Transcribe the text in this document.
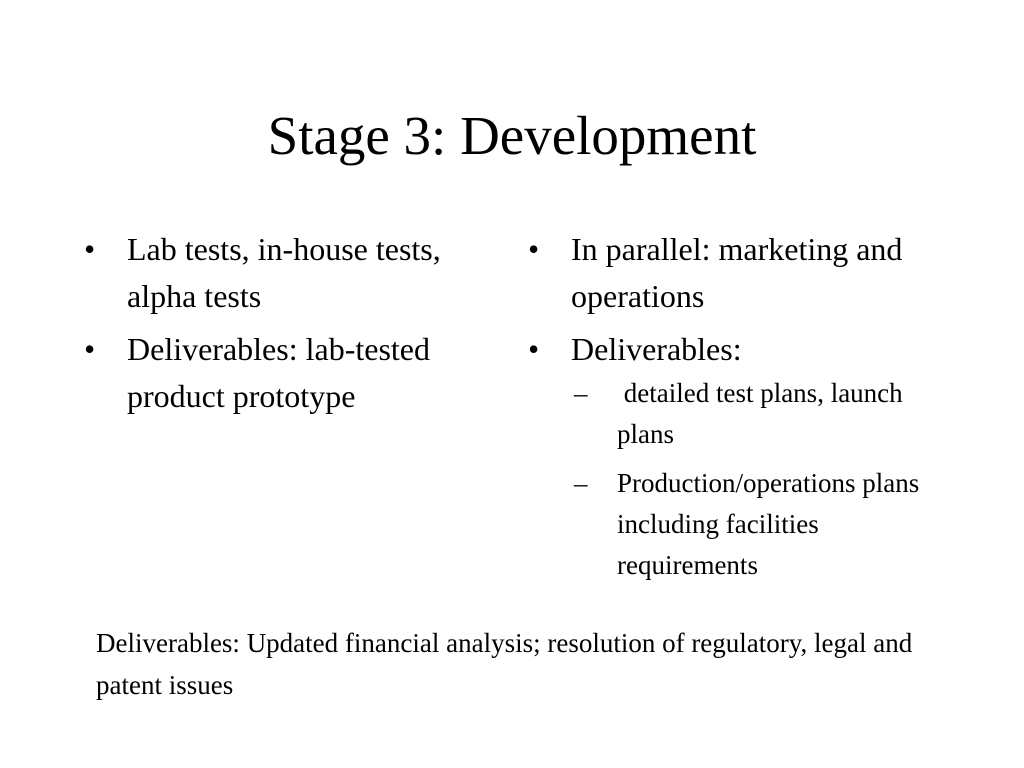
Stage 3: Development
• Lab tests, in-house tests, alpha tests
• Deliverables: lab-tested product prototype
• In parallel: marketing and operations
• Deliverables:
– detailed test plans, launch plans
– Production/operations plans including facilities requirements

Deliverables: Updated financial analysis; resolution of regulatory, legal and patent issues
